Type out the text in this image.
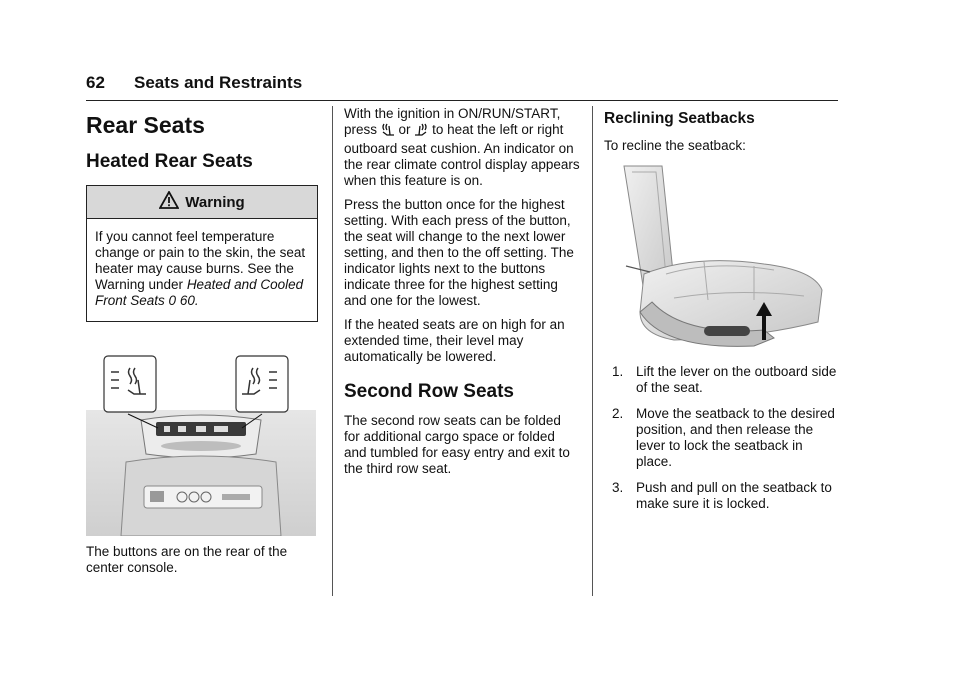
62 Seats and Restraints
Rear Seats
Heated Rear Seats
Warning

If you cannot feel temperature change or pain to the skin, the seat heater may cause burns. See the Warning under Heated and Cooled Front Seats 0 60.

The buttons are on the rear of the center console.

With the ignition in ON/RUN/START, press or to heat the left or right outboard seat cushion. An indicator on the rear climate control display appears when this feature is on.

Press the button once for the highest setting. With each press of the button, the seat will change to the next lower setting, and then to the off setting. The indicator lights next to the buttons indicate three for the highest setting and one for the lowest.

If the heated seats are on high for an extended time, their level may automatically be lowered.

Second Row Seats

The second row seats can be folded for additional cargo space or folded and tumbled for easy entry and exit to the third row seat.

Reclining Seatbacks

To recline the seatback:

1. Lift the lever on the outboard side of the seat.
2. Move the seatback to the desired position, and then release the lever to lock the seatback in place.
3. Push and pull on the seatback to make sure it is locked.
